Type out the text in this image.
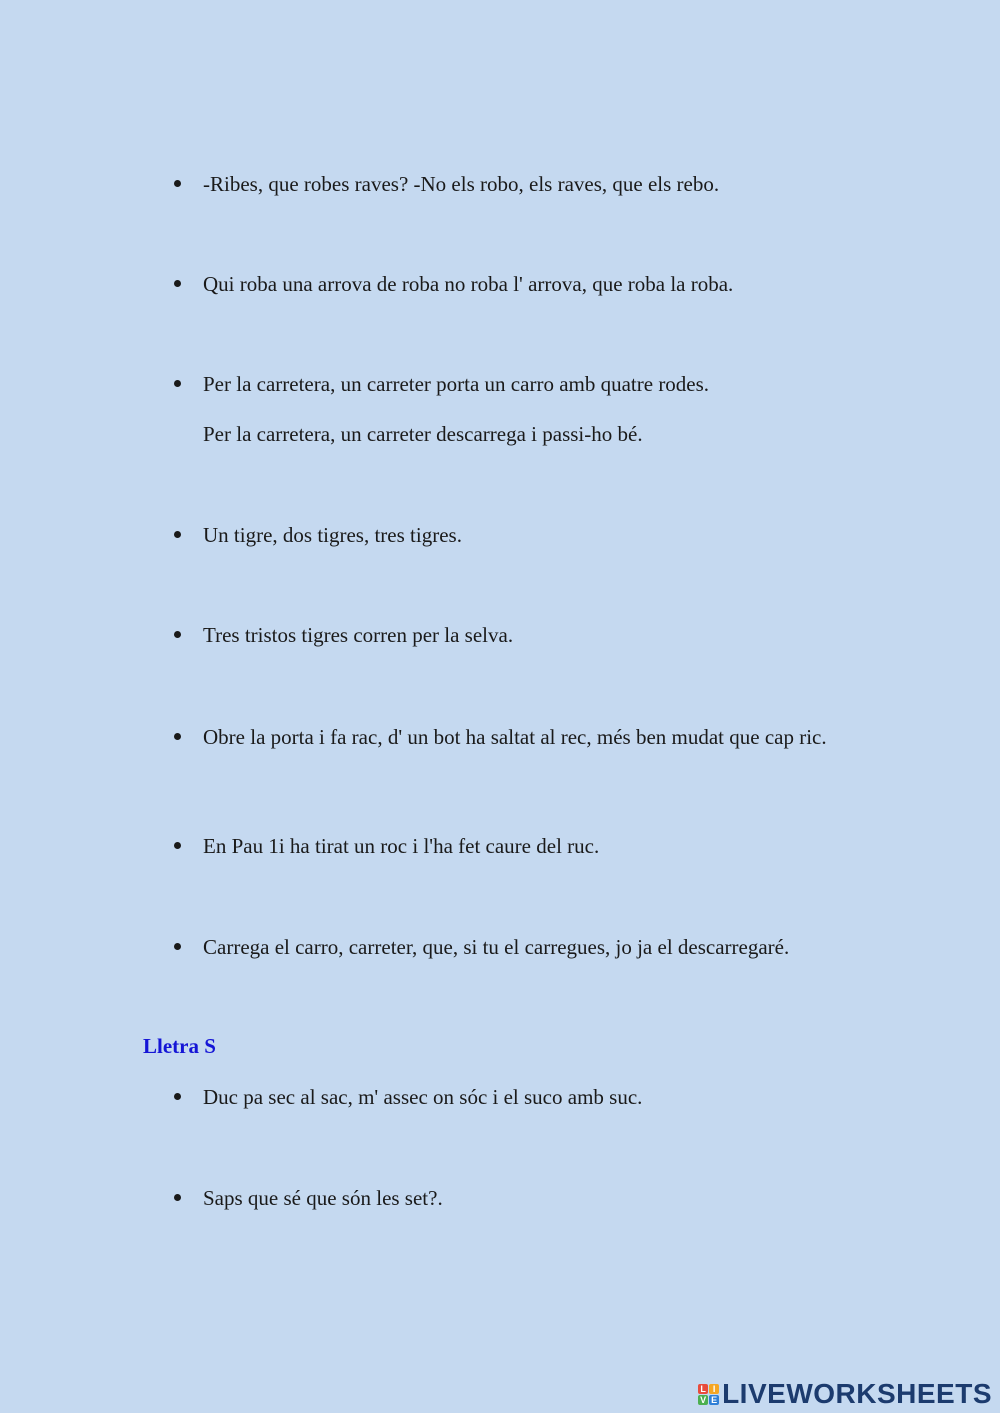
-Ribes, que robes raves? -No els robo, els raves, que els rebo.
Qui roba una arrova de roba no roba l' arrova, que roba la roba.
Per la carretera, un carreter porta un carro amb quatre rodes.
Per la carretera, un carreter descarrega i passi-ho bé.
Un tigre, dos tigres, tres tigres.
Tres tristos tigres corren per la selva.
Obre la porta i fa rac, d' un bot ha saltat al rec, més ben mudat que cap ric.
En Pau 1i ha tirat un roc i l'ha fet caure del ruc.
Carrega el carro, carreter, que, si tu el carregues, jo ja el descarregaré.
Lletra S
Duc pa sec al sac, m' assec on sóc i el suco amb suc.
Saps que sé que són les set?.
L I
V E LIVEWORKSHEETS
